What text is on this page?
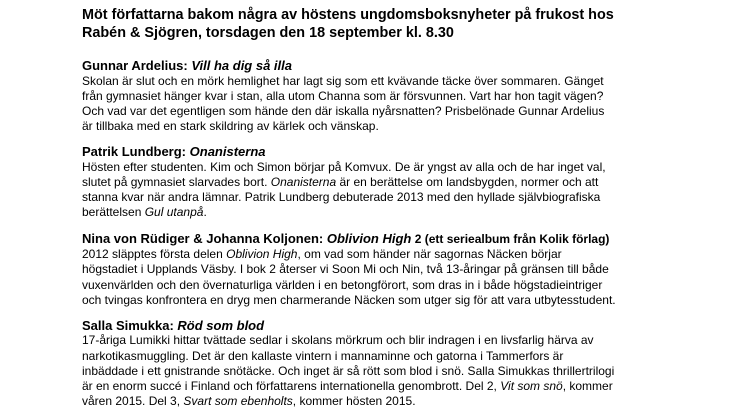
Möt författarna bakom några av höstens ungdomsboksnyheter på frukost hos
Rabén & Sjögren, torsdagen den 18 september kl. 8.30
Gunnar Ardelius: Vill ha dig så illa

Skolan är slut och en mörk hemlighet har lagt sig som ett kvävande täcke över sommaren. Gänget
från gymnasiet hänger kvar i stan, alla utom Channa som är försvunnen. Vart har hon tagit vägen?
Och vad var det egentligen som hände den där iskalla nyårsnatten? Prisbelönade Gunnar Ardelius
är tillbaka med en stark skildring av kärlek och vänskap.

Patrik Lundberg: Onanisterna

Hösten efter studenten. Kim och Simon börjar på Komvux. De är yngst av alla och de har inget val,
slutet på gymnasiet slarvades bort. Onanisterna är en berättelse om landsbygden, normer och att
stanna kvar när andra lämnar. Patrik Lundberg debuterade 2013 med den hyllade självbiografiska
berättelsen Gul utanpå.

Nina von Rüdiger & Johanna Koljonen: Oblivion High 2 (ett seriealbum från Kolik förlag)

2012 släpptes första delen Oblivion High, om vad som händer när sagornas Näcken börjar
högstadiet i Upplands Väsby. I bok 2 återser vi Soon Mi och Nin, två 13-åringar på gränsen till både
vuxenvärlden och den övernaturliga världen i en betongförort, som dras in i både högstadieintriger
och tvingas konfrontera en dryg men charmerande Näcken som utger sig för att vara utbytesstudent.

Salla Simukka: Röd som blod

17-åriga Lumikki hittar tvättade sedlar i skolans mörkrum och blir indragen i en livsfarlig härva av
narkotikasmuggling. Det är den kallaste vintern i mannaminne och gatorna i Tammerfors är
inbäddade i ett gnistrande snötäcke. Och inget är så rött som blod i snö. Salla Simukkas thrillertrilogi
är en enorm succé i Finland och författarens internationella genombrott. Del 2, Vit som snö, kommer
våren 2015. Del 3, Svart som ebenholts, kommer hösten 2015.
